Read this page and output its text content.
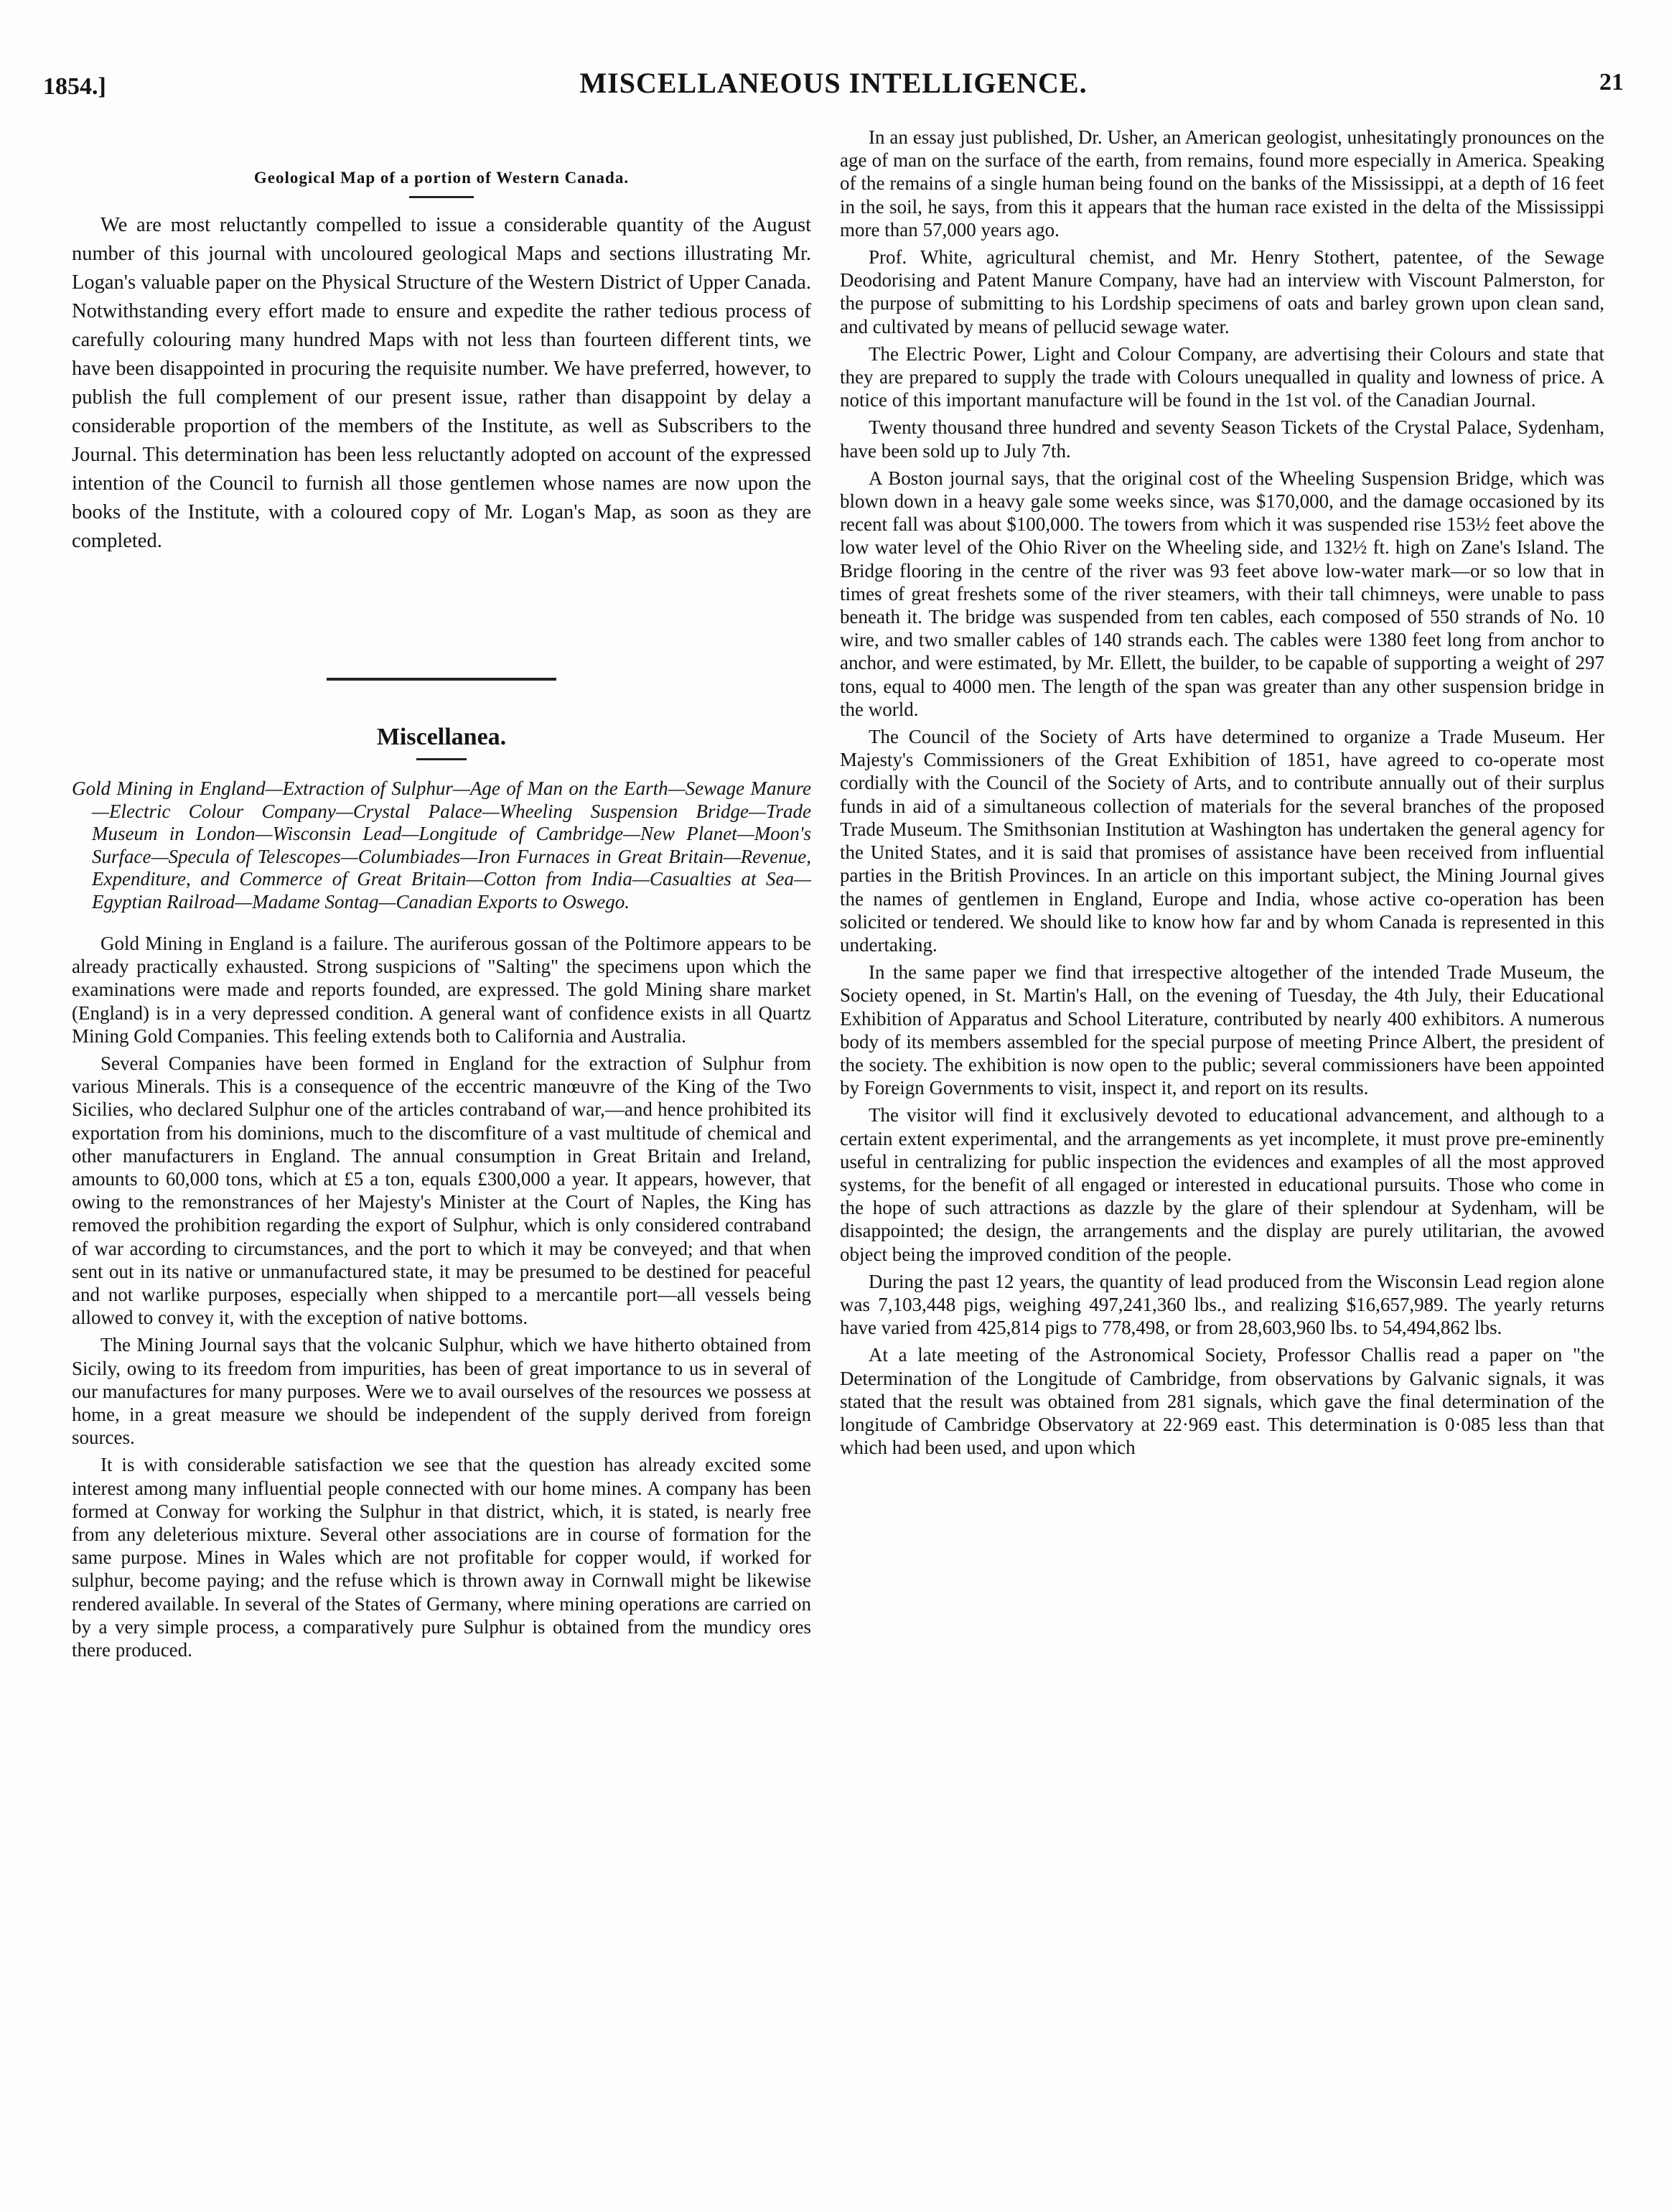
1854.]	MISCELLANEOUS INTELLIGENCE.	21
Geological Map of a portion of Western Canada.

We are most reluctantly compelled to issue a considerable quantity of the August number of this journal with uncoloured geological Maps and sections illustrating Mr. Logan's valuable paper on the Physical Structure of the Western District of Upper Canada. Notwithstanding every effort made to ensure and expedite the rather tedious process of carefully colouring many hundred Maps with not less than fourteen different tints, we have been disappointed in procuring the requisite number. We have preferred, however, to publish the full complement of our present issue, rather than disappoint by delay a considerable proportion of the members of the Institute, as well as Subscribers to the Journal. This determination has been less reluctantly adopted on account of the expressed intention of the Council to furnish all those gentlemen whose names are now upon the books of the Institute, with a coloured copy of Mr. Logan's Map, as soon as they are completed.

Miscellanea.

Gold Mining in England—Extraction of Sulphur—Age of Man on the Earth—Sewage Manure—Electric Colour Company—Crystal Palace—Wheeling Suspension Bridge—Trade Museum in London—Wisconsin Lead—Longitude of Cambridge—New Planet—Moon's Surface—Specula of Telescopes—Columbiades—Iron Furnaces in Great Britain—Revenue, Expenditure, and Commerce of Great Britain—Cotton from India—Casualties at Sea—Egyptian Railroad—Madame Sontag—Canadian Exports to Oswego.

Gold Mining in England is a failure. The auriferous gossan of the Poltimore appears to be already practically exhausted. Strong suspicions of "Salting" the specimens upon which the examinations were made and reports founded, are expressed. The gold Mining share market (England) is in a very depressed condition. A general want of confidence exists in all Quartz Mining Gold Companies. This feeling extends both to California and Australia.

Several Companies have been formed in England for the extraction of Sulphur from various Minerals. This is a consequence of the eccentric manœuvre of the King of the Two Sicilies, who declared Sulphur one of the articles contraband of war,—and hence prohibited its exportation from his dominions, much to the discomfiture of a vast multitude of chemical and other manufacturers in England. The annual consumption in Great Britain and Ireland, amounts to 60,000 tons, which at £5 a ton, equals £300,000 a year. It appears, however, that owing to the remonstrances of her Majesty's Minister at the Court of Naples, the King has removed the prohibition regarding the export of Sulphur, which is only considered contraband of war according to circumstances, and the port to which it may be conveyed; and that when sent out in its native or unmanufactured state, it may be presumed to be destined for peaceful and not warlike purposes, especially when shipped to a mercantile port—all vessels being allowed to convey it, with the exception of native bottoms.

The Mining Journal says that the volcanic Sulphur, which we have hitherto obtained from Sicily, owing to its freedom from impurities, has been of great importance to us in several of our manufactures for many purposes. Were we to avail ourselves of the resources we possess at home, in a great measure we should be independent of the supply derived from foreign sources.

It is with considerable satisfaction we see that the question has already excited some interest among many influential people connected with our home mines. A company has been formed at Conway for working the Sulphur in that district, which, it is stated, is nearly free from any deleterious mixture. Several other associations are in course of formation for the same purpose. Mines in Wales which are not profitable for copper would, if worked for sulphur, become paying; and the refuse which is thrown away in Cornwall might be likewise rendered available. In several of the States of Germany, where mining operations are carried on by a very simple process, a comparatively pure Sulphur is obtained from the mundicy ores there produced.

In an essay just published, Dr. Usher, an American geologist, unhesitatingly pronounces on the age of man on the surface of the earth, from remains, found more especially in America. Speaking of the remains of a single human being found on the banks of the Mississippi, at a depth of 16 feet in the soil, he says, from this it appears that the human race existed in the delta of the Mississippi more than 57,000 years ago.

Prof. White, agricultural chemist, and Mr. Henry Stothert, patentee, of the Sewage Deodorising and Patent Manure Company, have had an interview with Viscount Palmerston, for the purpose of submitting to his Lordship specimens of oats and barley grown upon clean sand, and cultivated by means of pellucid sewage water.

The Electric Power, Light and Colour Company, are advertising their Colours and state that they are prepared to supply the trade with Colours unequalled in quality and lowness of price. A notice of this important manufacture will be found in the 1st vol. of the Canadian Journal.

Twenty thousand three hundred and seventy Season Tickets of the Crystal Palace, Sydenham, have been sold up to July 7th.

A Boston journal says, that the original cost of the Wheeling Suspension Bridge, which was blown down in a heavy gale some weeks since, was $170,000, and the damage occasioned by its recent fall was about $100,000. The towers from which it was suspended rise 153½ feet above the low water level of the Ohio River on the Wheeling side, and 132½ ft. high on Zane's Island. The Bridge flooring in the centre of the river was 93 feet above low-water mark—or so low that in times of great freshets some of the river steamers, with their tall chimneys, were unable to pass beneath it. The bridge was suspended from ten cables, each composed of 550 strands of No. 10 wire, and two smaller cables of 140 strands each. The cables were 1380 feet long from anchor to anchor, and were estimated, by Mr. Ellett, the builder, to be capable of supporting a weight of 297 tons, equal to 4000 men. The length of the span was greater than any other suspension bridge in the world.

The Council of the Society of Arts have determined to organize a Trade Museum. Her Majesty's Commissioners of the Great Exhibition of 1851, have agreed to co-operate most cordially with the Council of the Society of Arts, and to contribute annually out of their surplus funds in aid of a simultaneous collection of materials for the several branches of the proposed Trade Museum. The Smithsonian Institution at Washington has undertaken the general agency for the United States, and it is said that promises of assistance have been received from influential parties in the British Provinces. In an article on this important subject, the Mining Journal gives the names of gentlemen in England, Europe and India, whose active co-operation has been solicited or tendered. We should like to know how far and by whom Canada is represented in this undertaking.

In the same paper we find that irrespective altogether of the intended Trade Museum, the Society opened, in St. Martin's Hall, on the evening of Tuesday, the 4th July, their Educational Exhibition of Apparatus and School Literature, contributed by nearly 400 exhibitors. A numerous body of its members assembled for the special purpose of meeting Prince Albert, the president of the society. The exhibition is now open to the public; several commissioners have been appointed by Foreign Governments to visit, inspect it, and report on its results.

The visitor will find it exclusively devoted to educational advancement, and although to a certain extent experimental, and the arrangements as yet incomplete, it must prove pre-eminently useful in centralizing for public inspection the evidences and examples of all the most approved systems, for the benefit of all engaged or interested in educational pursuits. Those who come in the hope of such attractions as dazzle by the glare of their splendour at Sydenham, will be disappointed; the design, the arrangements and the display are purely utilitarian, the avowed object being the improved condition of the people.

During the past 12 years, the quantity of lead produced from the Wisconsin Lead region alone was 7,103,448 pigs, weighing 497,241,360 lbs., and realizing $16,657,989. The yearly returns have varied from 425,814 pigs to 778,498, or from 28,603,960 lbs. to 54,494,862 lbs.

At a late meeting of the Astronomical Society, Professor Challis read a paper on "the Determination of the Longitude of Cambridge, from observations by Galvanic signals, it was stated that the result was obtained from 281 signals, which gave the final determination of the longitude of Cambridge Observatory at 22·969 east. This determination is 0·085 less than that which had been used, and upon which
